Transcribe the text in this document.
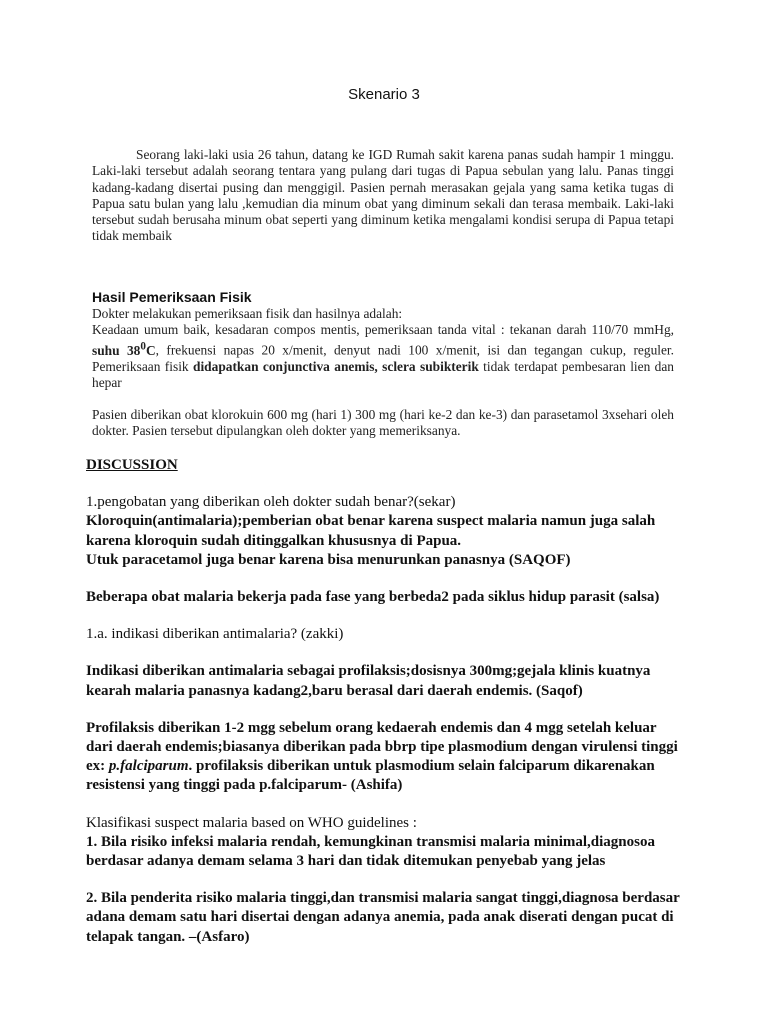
Skenario 3

Seorang laki-laki usia 26 tahun, datang ke IGD Rumah sakit karena panas sudah hampir 1 minggu. Laki-laki tersebut adalah seorang tentara yang pulang dari tugas di Papua sebulan yang lalu. Panas tinggi kadang-kadang disertai pusing dan menggigil. Pasien pernah merasakan gejala yang sama ketika tugas di Papua satu bulan yang lalu ,kemudian dia minum obat yang diminum sekali dan terasa membaik. Laki-laki tersebut sudah berusaha minum obat seperti yang diminum ketika mengalami kondisi serupa di Papua tetapi tidak membaik

Hasil Pemeriksaan Fisik

Dokter melakukan pemeriksaan fisik dan hasilnya adalah:

Keadaan umum baik, kesadaran compos mentis, pemeriksaan tanda vital : tekanan darah 110/70 mmHg, suhu $38^0C$, frekuensi napas 20 x/menit, denyut nadi 100 x/menit, isi dan tegangan cukup, reguler. Pemeriksaan fisik didapatkan conjunctiva anemis, sclera subikterik tidak terdapat pembesaran lien dan hepar

Pasien diberikan obat klorokuin 600 mg (hari 1) 300 mg (hari ke-2 dan ke-3) dan parasetamol 3xsehari oleh dokter. Pasien tersebut dipulangkan oleh dokter yang memeriksanya.

DISCUSSION

1.pengobatan yang diberikan oleh dokter sudah benar?(sekar)

Kloroquin(antimalaria);pemberian obat benar karena suspect malaria namun juga salah karena kloroquin sudah ditinggalkan khususnya di Papua.

Utuk paracetamol juga benar karena bisa menurunkan panasnya (SAQOF)

Beberapa obat malaria bekerja pada fase yang berbeda2 pada siklus hidup parasit (salsa)

1.a. indikasi diberikan antimalaria? (zakki)

Indikasi diberikan antimalaria sebagai profilaksis;dosisnya 300mg;gejala klinis kuatnya kearah malaria panasnya kadang2,baru berasal dari daerah endemis. (Saqof)

Profilaksis diberikan 1-2 mgg sebelum orang kedaerah endemis dan 4 mgg setelah keluar dari daerah endemis;biasanya diberikan pada bbrp tipe plasmodium dengan virulensi tinggi ex: p.falciparum. profilaksis diberikan untuk plasmodium selain falciparum dikarenakan resistensi yang tinggi pada p.falciparum- (Ashifa)

Klasifikasi suspect malaria based on WHO guidelines :

1. Bila risiko infeksi malaria rendah, kemungkinan transmisi malaria minimal,diagnosoa berdasar adanya demam selama 3 hari dan tidak ditemukan penyebab yang jelas

2. Bila penderita risiko malaria tinggi,dan transmisi malaria sangat tinggi,diagnosa berdasar adana demam satu hari disertai dengan adanya anemia, pada anak diserati dengan pucat di telapak tangan. –(Asfaro)
